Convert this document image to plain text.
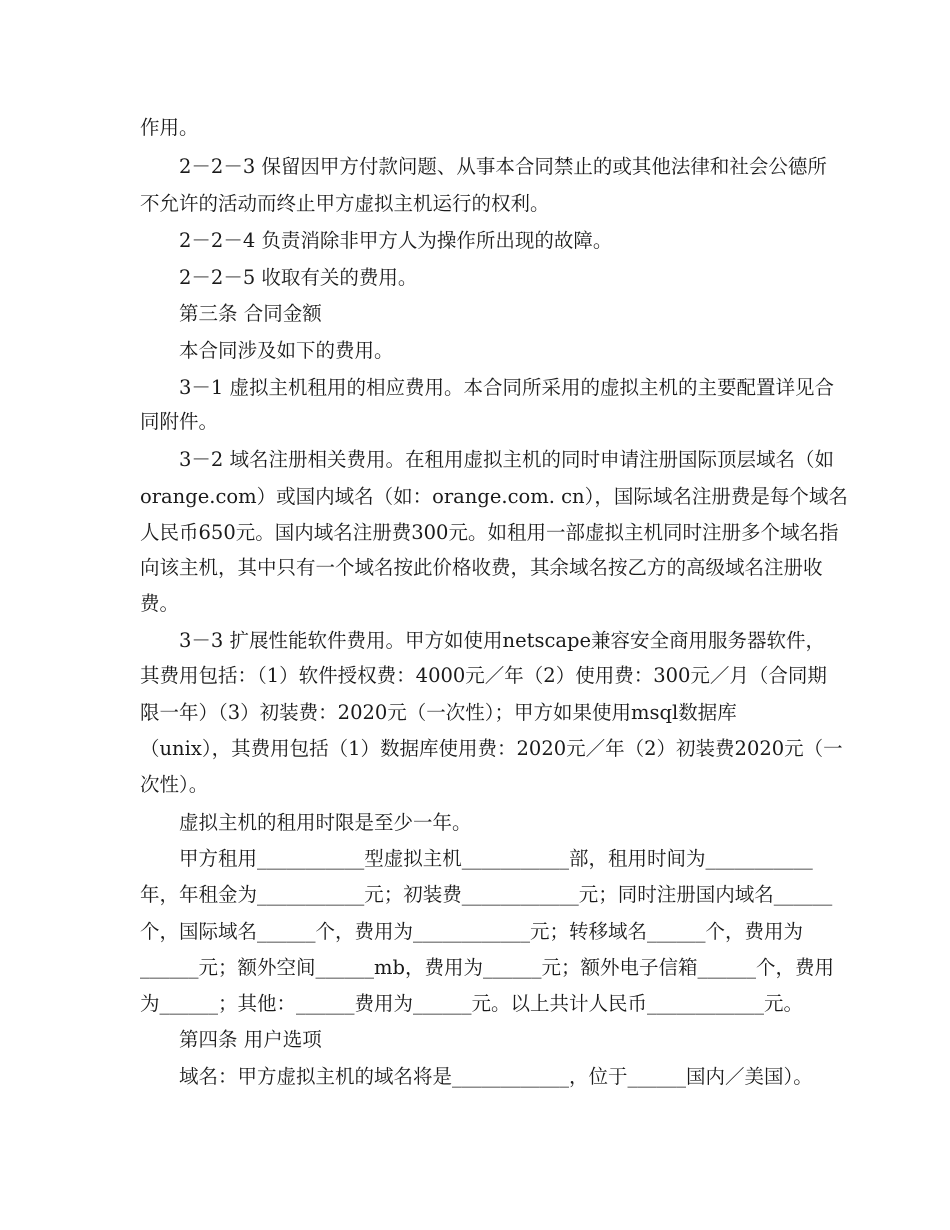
作用。
2－2－3 保留因甲方付款问题、从事本合同禁止的或其他法律和社会公德所
不允许的活动而终止甲方虚拟主机运行的权利。
2－2－4 负责消除非甲方人为操作所出现的故障。
2－2－5 收取有关的费用。
第三条 合同金额
本合同涉及如下的费用。
3－1 虚拟主机租用的相应费用。本合同所采用的虚拟主机的主要配置详见合
同附件。
3－2 域名注册相关费用。在租用虚拟主机的同时申请注册国际顶层域名（如
orange.com）或国内域名（如：orange.com. cn），国际域名注册费是每个域名
人民币650元。国内域名注册费300元。如租用一部虚拟主机同时注册多个域名指
向该主机，其中只有一个域名按此价格收费，其余域名按乙方的高级域名注册收
费。
3－3 扩展性能软件费用。甲方如使用netscape兼容安全商用服务器软件，
其费用包括：（1）软件授权费：4000元／年（2）使用费：300元／月（合同期
限一年）（3）初装费：2020元（一次性）；甲方如果使用msql数据库
（unix），其费用包括（1）数据库使用费：2020元／年（2）初装费2020元（一
次性）。
虚拟主机的租用时限是至少一年。
甲方租用___________型虚拟主机___________部，租用时间为___________
年，年租金为___________元；初装费____________元；同时注册国内域名______
个，国际域名______个，费用为____________元；转移域名______个，费用为
______元；额外空间______mb，费用为______元；额外电子信箱______个，费用
为______；其他：______费用为______元。以上共计人民币____________元。
第四条 用户选项
域名：甲方虚拟主机的域名将是____________，位于______国内／美国）。
